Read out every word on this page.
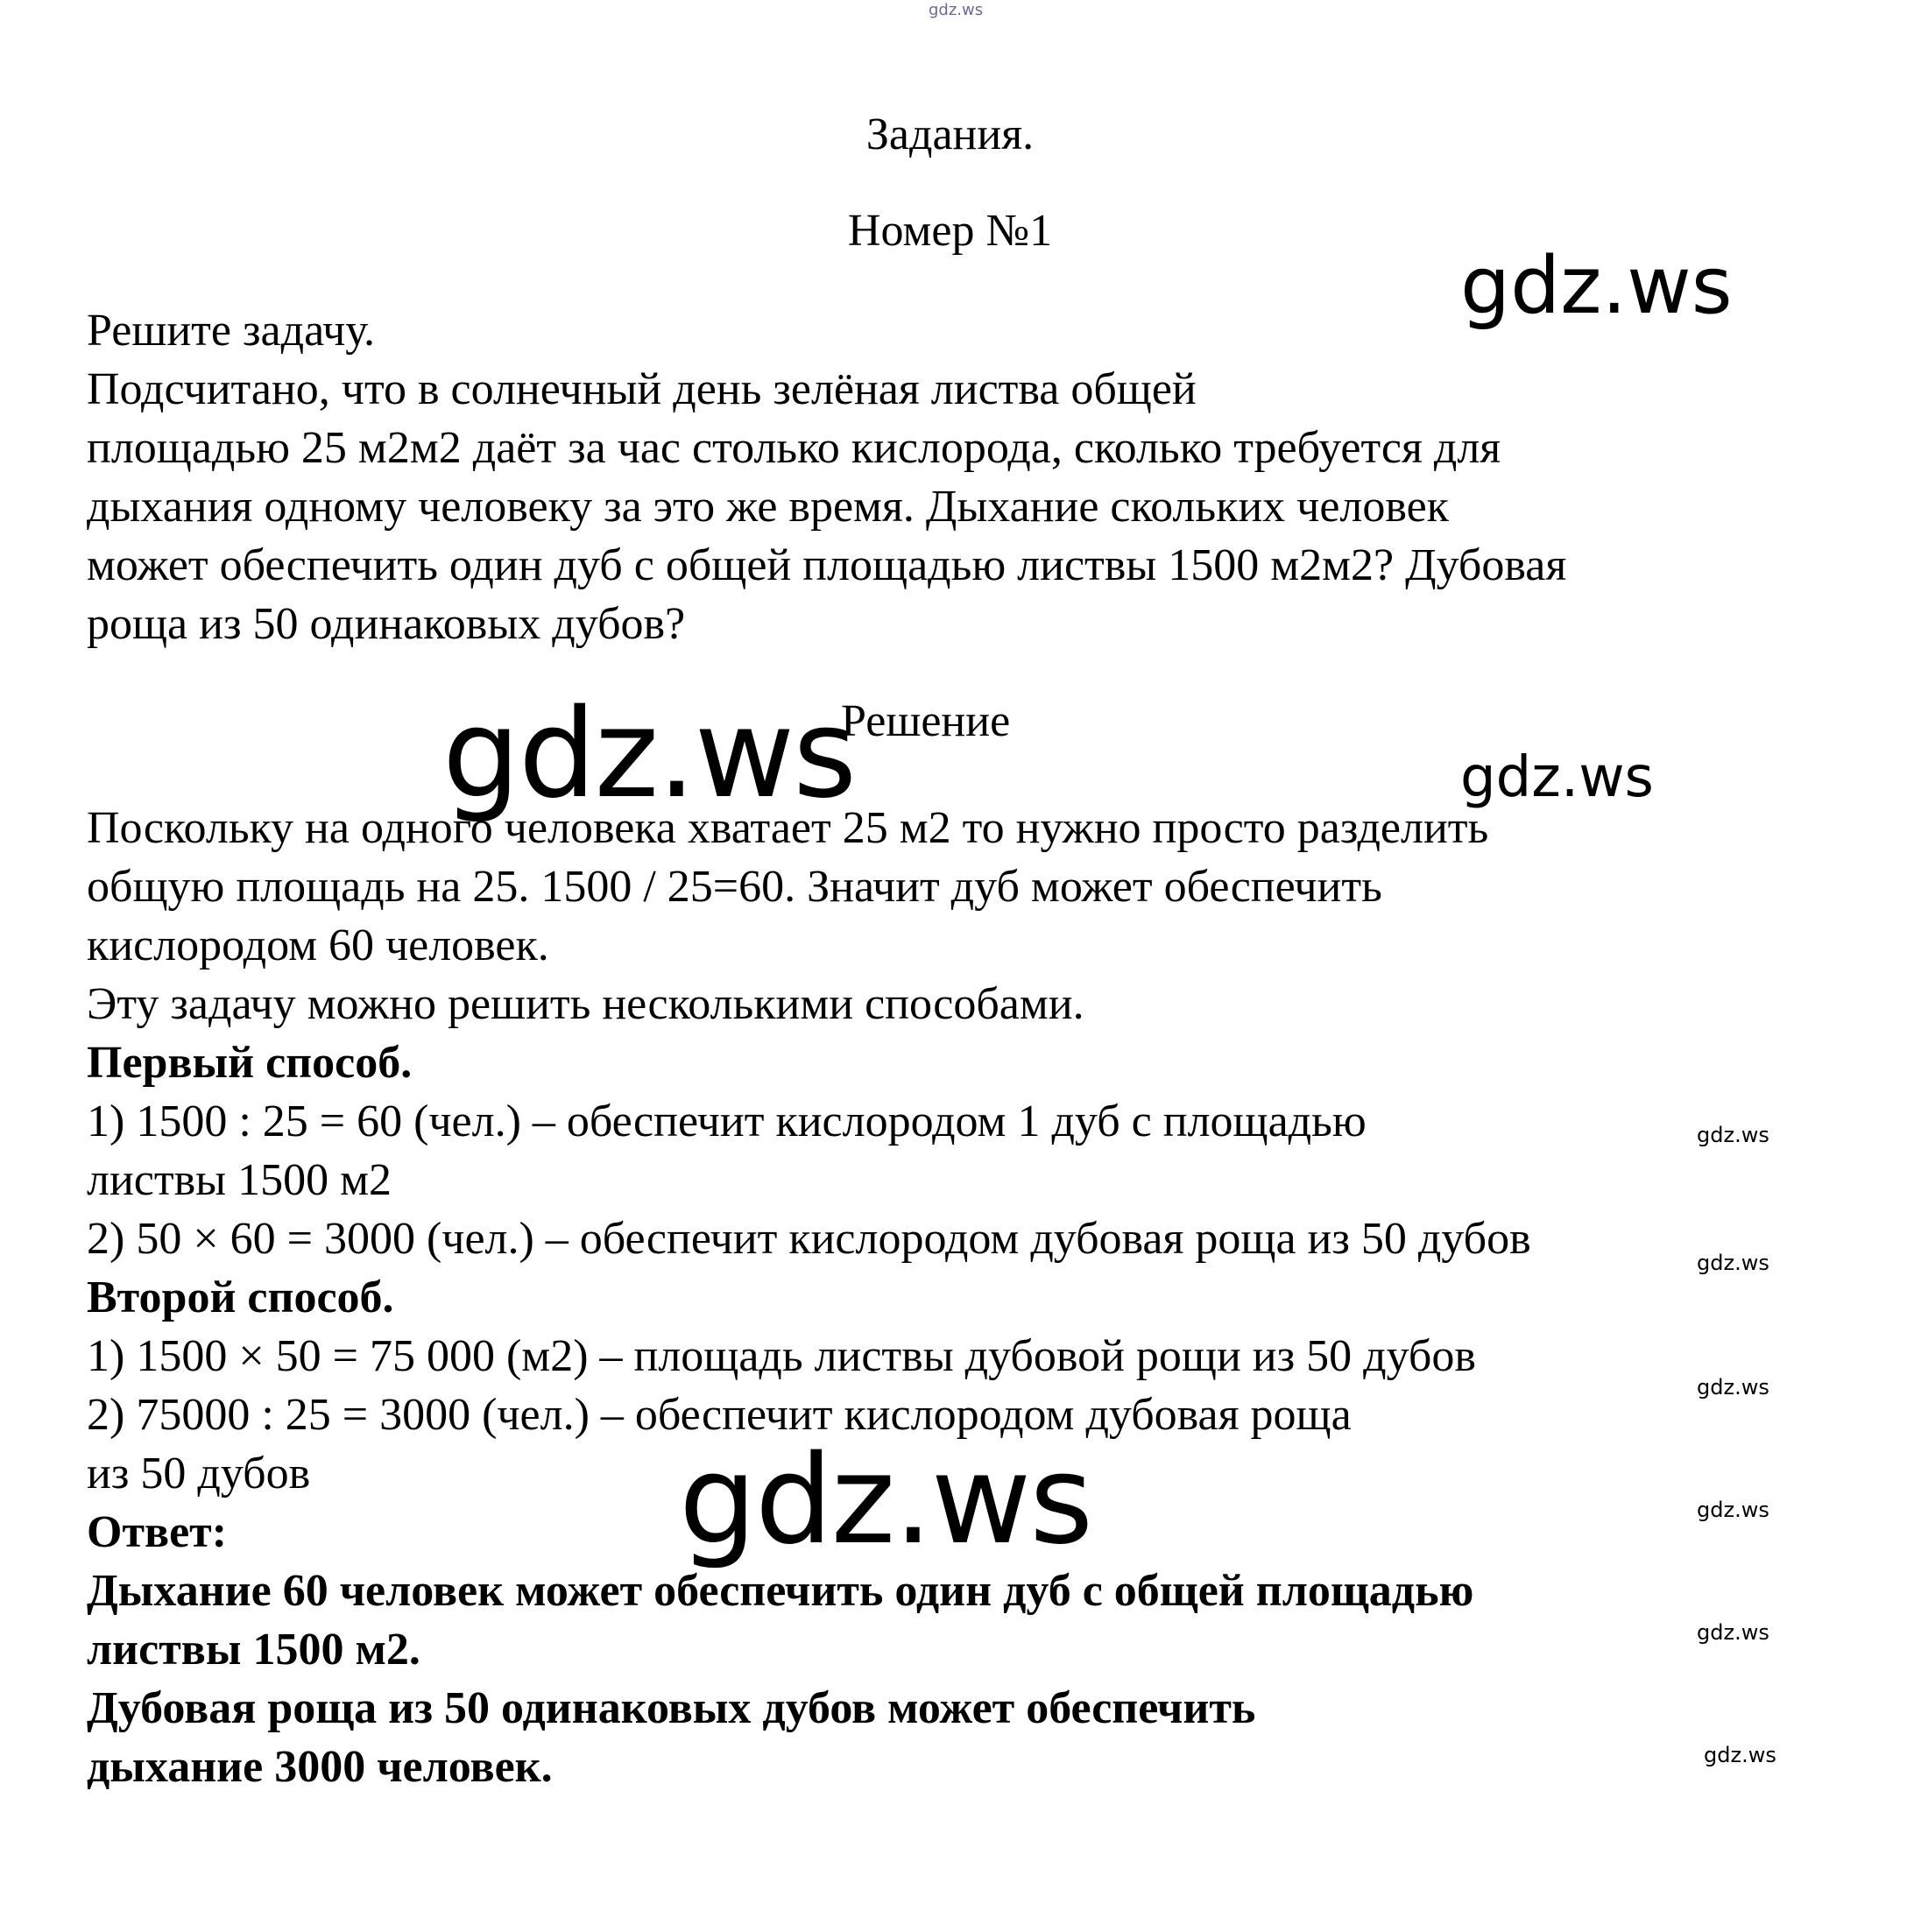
gdz.ws
gdz.ws
gdz.ws	gdz.ws
gdz.ws
gdz.ws
gdz.ws
gdz.ws
gdz.ws
gdz.ws
gdz.ws
Задания.
Номер №1
Решите задачу.
Подсчитано, что в солнечный день зелёная листва общей
площадью 25 м2м2 даёт за час столько кислорода, сколько требуется для
дыхания одному человеку за это же время. Дыхание скольких человек
может обеспечить один дуб с общей площадью листвы 1500 м2м2? Дубовая
роща из 50 одинаковых дубов?
Решение
Поскольку на одного человека хватает 25 м2 то нужно просто разделить
общую площадь на 25. 1500 / 25=60. Значит дуб может обеспечить
кислородом 60 человек.
Эту задачу можно решить несколькими способами.
Первый способ.
1) 1500 : 25 = 60 (чел.) – обеспечит кислородом 1 дуб с площадью
листвы 1500 м2
2) 50 × 60 = 3000 (чел.) – обеспечит кислородом дубовая роща из 50 дубов
Второй способ.
1) 1500 × 50 = 75 000 (м2) – площадь листвы дубовой рощи из 50 дубов
2) 75000 : 25 = 3000 (чел.) – обеспечит кислородом дубовая роща
из 50 дубов
Ответ:
Дыхание 60 человек может обеспечить один дуб с общей площадью
листвы 1500 м2.
Дубовая роща из 50 одинаковых дубов может обеспечить
дыхание 3000 человек.
